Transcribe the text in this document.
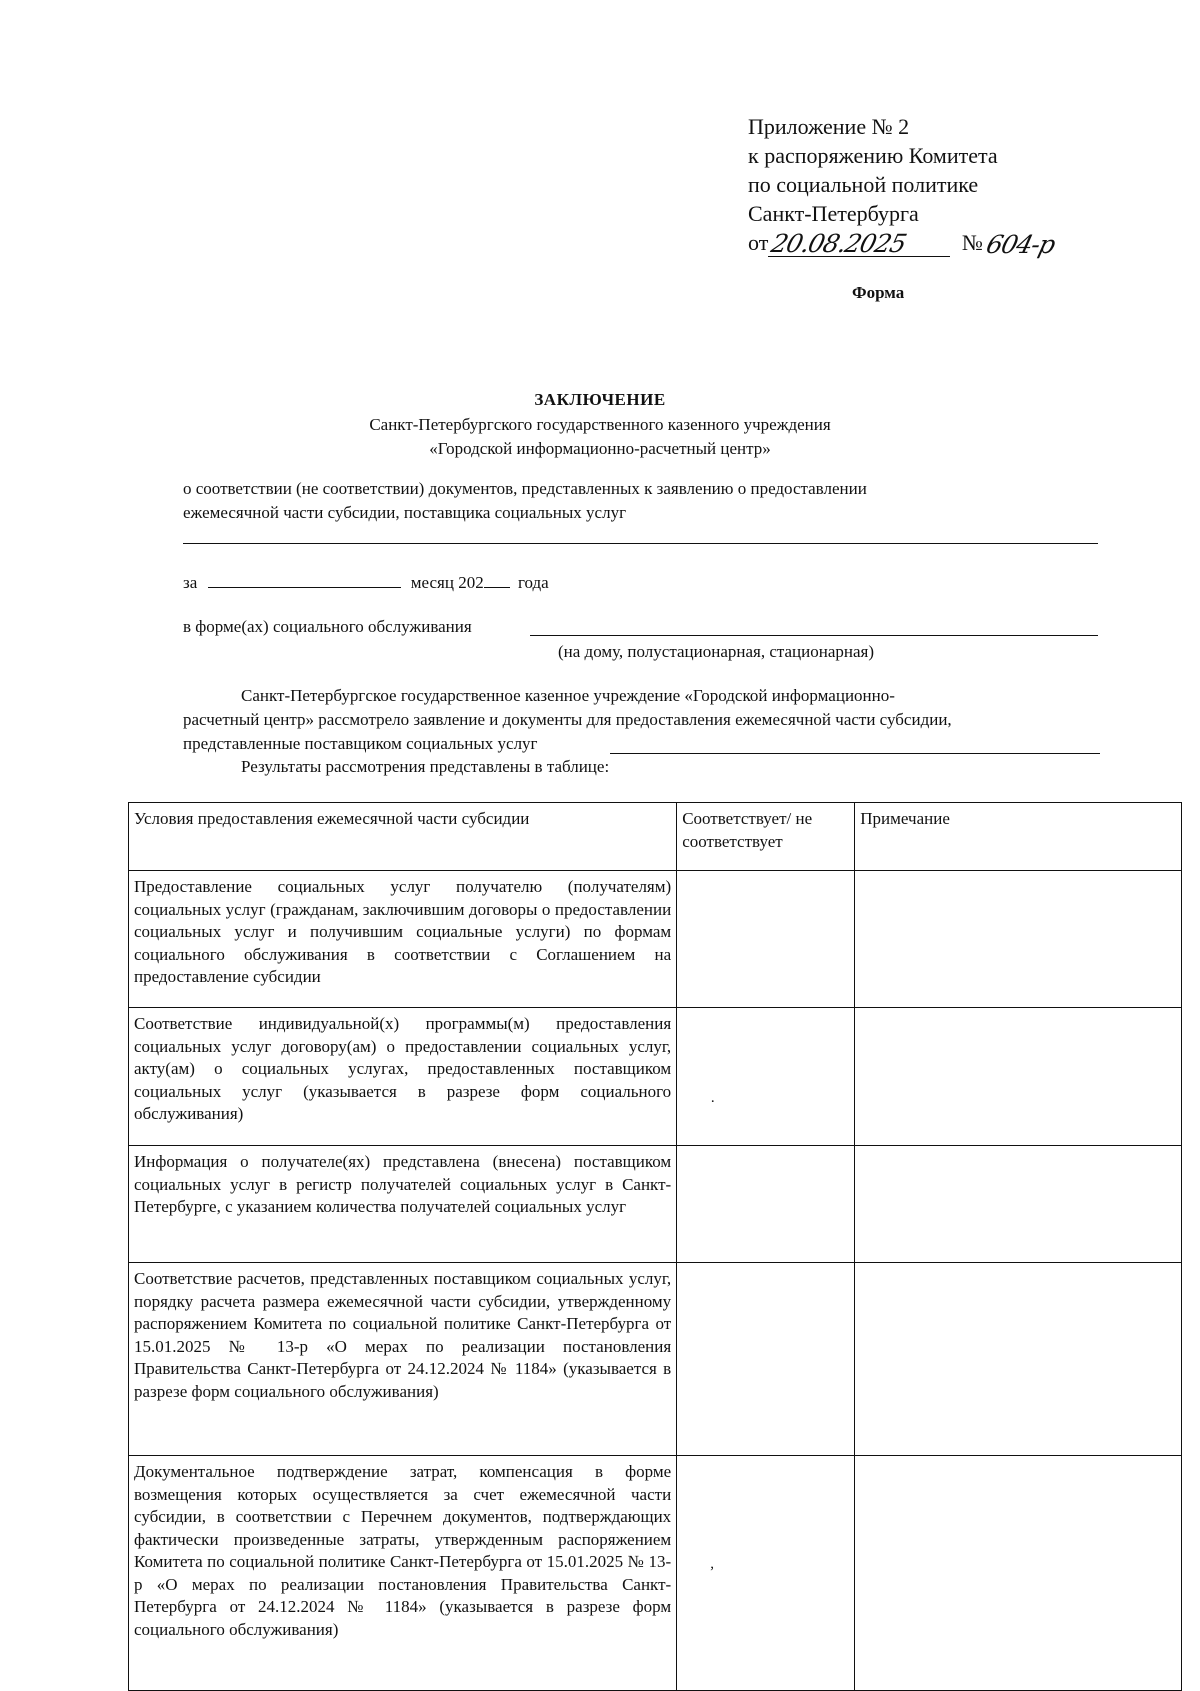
Приложение № 2
к распоряжению Комитета
по социальной политике
Санкт-Петербурга
от 20.08.2025 № 604-р
Форма
ЗАКЛЮЧЕНИЕ
Санкт-Петербургского государственного казенного учреждения
«Городской информационно-расчетный центр»
о соответствии (не соответствии) документов, представленных к заявлению о предоставлении
ежемесячной части субсидии, поставщика социальных услуг
за	месяц 202 года
в форме(ах) социального обслуживания
(на дому, полустационарная, стационарная)
Санкт-Петербургское государственное казенное учреждение «Городской информационно-
расчетный центр» рассмотрело заявление и документы для предоставления ежемесячной части субсидии,
представленные поставщиком социальных услуг
Результаты рассмотрения представлены в таблице:
Условия предоставления ежемесячной части субсидии	Соответствует/ не соответствует	Примечание
Предоставление социальных услуг получателю (получателям) социальных услуг (гражданам, заключившим договоры о предоставлении социальных услуг и получившим социальные услуги) по формам социального обслуживания в соответствии с Соглашением на предоставление субсидии		
Соответствие индивидуальной(х) программы(м) предоставления социальных услуг договору(ам) о предоставлении социальных услуг, акту(ам) о социальных услугах, предоставленных поставщиком социальных услуг (указывается в разрезе форм социального обслуживания)	·	
Информация о получателе(ях) представлена (внесена) поставщиком социальных услуг в регистр получателей социальных услуг в Санкт-Петербурге, с указанием количества получателей социальных услуг		
Соответствие расчетов, представленных поставщиком социальных услуг, порядку расчета размера ежемесячной части субсидии, утвержденному распоряжением Комитета по социальной политике Санкт-Петербурга от 15.01.2025 № 13-р «О мерах по реализации постановления Правительства Санкт-Петербурга от 24.12.2024 № 1184» (указывается в разрезе форм социального обслуживания)		
Документальное подтверждение затрат, компенсация в форме возмещения которых осуществляется за счет ежемесячной части субсидии, в соответствии с Перечнем документов, подтверждающих фактически произведенные затраты, утвержденным распоряжением Комитета по социальной политике Санкт-Петербурга от 15.01.2025 № 13-р «О мерах по реализации постановления Правительства Санкт-Петербурга от 24.12.2024 № 1184» (указывается в разрезе форм социального обслуживания)	,	
